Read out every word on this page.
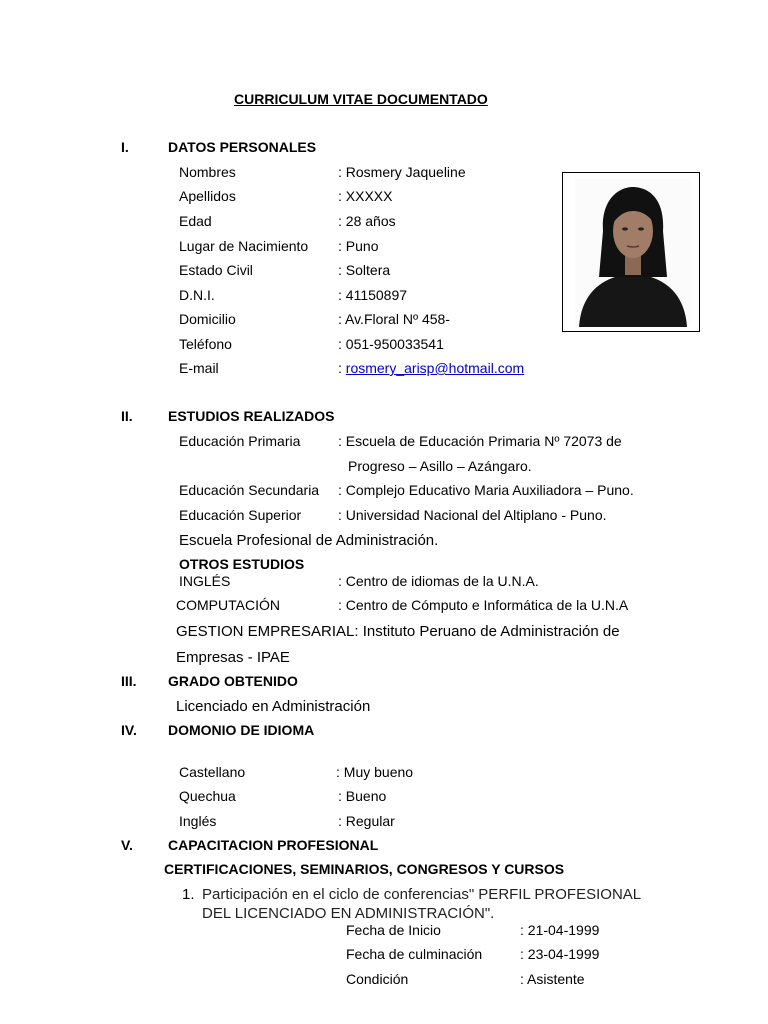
CURRICULUM VITAE DOCUMENTADO
I.	DATOS PERSONALES
Nombres	: Rosmery Jaqueline
Apellidos	: XXXXX
Edad	: 28 años
Lugar de Nacimiento : Puno
Estado Civil	: Soltera
D.N.I.	: 41150897
Domicilio	: Av.Floral Nº 458-
Teléfono	: 051-950033541
E-mail	: rosmery_arisp@hotmail.com
II.	ESTUDIOS REALIZADOS
Educación Primaria	: Escuela de Educación Primaria Nº 72073 de
Progreso – Asillo – Azángaro.
Educación Secundaria : Complejo Educativo Maria Auxiliadora – Puno.
Educación Superior	: Universidad Nacional del Altiplano - Puno.
Escuela Profesional de Administración.
OTROS ESTUDIOS
INGLÉS	: Centro de idiomas de la U.N.A.
COMPUTACIÓN	: Centro de Cómputo e Informática de la U.N.A
GESTION EMPRESARIAL: Instituto Peruano de Administración de
Empresas - IPAE
III. GRADO OBTENIDO
Licenciado en Administración
IV. DOMONIO DE IDIOMA
Castellano	: Muy bueno
Quechua	: Bueno
Inglés	: Regular
V.	CAPACITACION PROFESIONAL
CERTIFICACIONES, SEMINARIOS, CONGRESOS Y CURSOS
1. Participación en el ciclo de conferencias" PERFIL PROFESIONAL
DEL LICENCIADO EN ADMINISTRACIÓN".
Fecha de Inicio	: 21-04-1999
Fecha de culminación	: 23-04-1999
Condición	: Asistente
